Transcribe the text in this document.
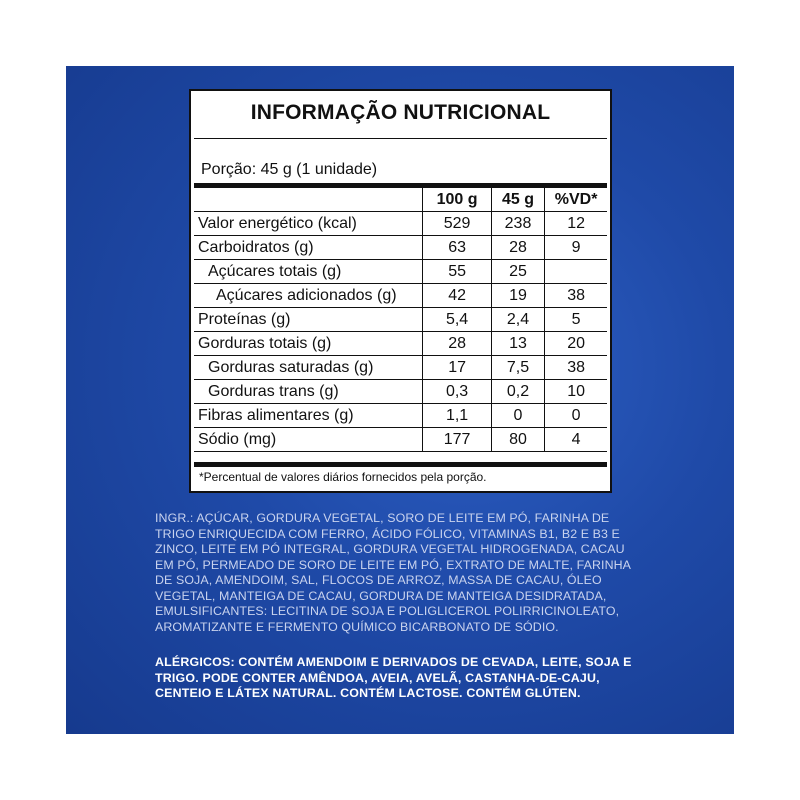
INFORMAÇÃO NUTRICIONAL
Porção: 45 g (1 unidade)
	100 g	45 g	%VD*
Valor energético (kcal)	529	238	12
Carboidratos (g)	63	28	9
Açúcares totais (g)	55	25	
Açúcares adicionados (g)	42	19	38
Proteínas (g)	5,4	2,4	5
Gorduras totais (g)	28	13	20
Gorduras saturadas (g)	17	7,5	38
Gorduras trans (g)	0,3	0,2	10
Fibras alimentares (g)	1,1	0	0
Sódio (mg)	177	80	4
*Percentual de valores diários fornecidos pela porção.
INGR.: AÇÚCAR, GORDURA VEGETAL, SORO DE LEITE EM PÓ, FARINHA DE TRIGO ENRIQUECIDA COM FERRO, ÁCIDO FÓLICO, VITAMINAS B1, B2 E B3 E ZINCO, LEITE EM PÓ INTEGRAL, GORDURA VEGETAL HIDROGENADA, CACAU EM PÓ, PERMEADO DE SORO DE LEITE EM PÓ, EXTRATO DE MALTE, FARINHA DE SOJA, AMENDOIM, SAL, FLOCOS DE ARROZ, MASSA DE CACAU, ÓLEO VEGETAL, MANTEIGA DE CACAU, GORDURA DE MANTEIGA DESIDRATADA, EMULSIFICANTES: LECITINA DE SOJA E POLIGLICEROL POLIRRICINOLEATO, AROMATIZANTE E FERMENTO QUÍMICO BICARBONATO DE SÓDIO.
ALÉRGICOS: CONTÉM AMENDOIM E DERIVADOS DE CEVADA, LEITE, SOJA E TRIGO. PODE CONTER AMÊNDOA, AVEIA, AVELÃ, CASTANHA-DE-CAJU, CENTEIO E LÁTEX NATURAL. CONTÉM LACTOSE. CONTÉM GLÚTEN.
